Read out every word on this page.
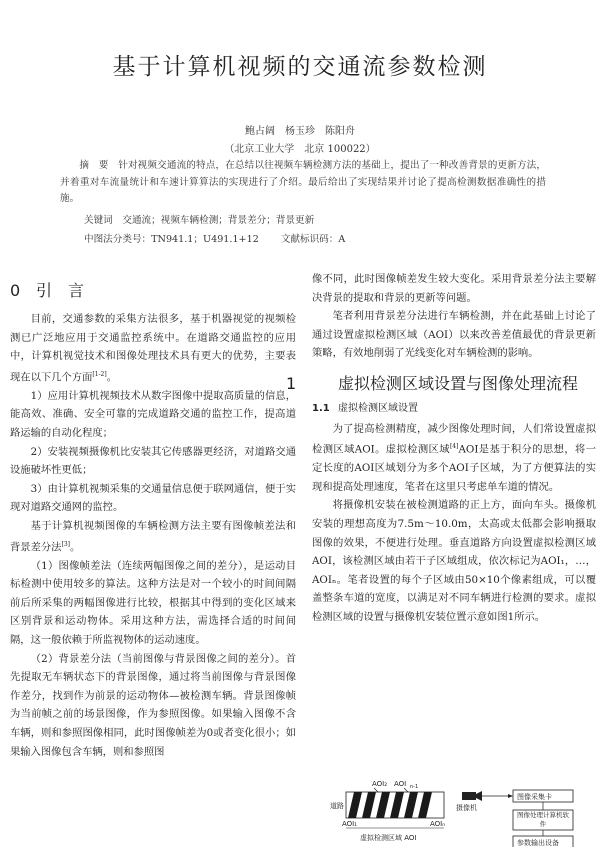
基于计算机视频的交通流参数检测
鲍占阔　杨玉珍　陈阳舟
（北京工业大学　北京 100022）
  摘　要  针对视频交通流的特点，在总结以往视频车辆检测方法的基础上，提出了一种改善背景的更新方法，并着重对车流量统计和车速计算算法的实现进行了介绍。最后给出了实现结果并讨论了提高检测数据准确性的措施。
关键词  交通流；视频车辆检测；背景差分；背景更新
中图法分类号：TN941.1；U491.1+12 文献标识码：A
0 引　言

目前，交通参数的采集方法很多，基于机器视觉的视频检测已广泛地应用于交通监控系统中。在道路交通监控的应用中，计算机视觉技术和图像处理技术具有更大的优势，主要表现在以下几个方面[1-2]。

1）应用计算机视频技术从数字图像中提取高质量的信息，能高效、准确、安全可靠的完成道路交通的监控工作，提高道路运输的自动化程度；

2）安装视频摄像机比安装其它传感器更经济，对道路交通设施破坏性更低；

3）由计算机视频采集的交通量信息便于联网通信，便于实现对道路交通网的监控。

基于计算机视频图像的车辆检测方法主要有图像帧差法和背景差分法[3]。

（1）图像帧差法（连续两幅图像之间的差分），是运动目标检测中使用较多的算法。这种方法是对一个较小的时间间隔前后所采集的两幅图像进行比较，根据其中得到的变化区域来区别背景和运动物体。采用这种方法，需选择合适的时间间隔，这一般依赖于所监视物体的运动速度。

（2）背景差分法（当前图像与背景图像之间的差分）。首先提取无车辆状态下的背景图像，通过将当前图像与背景图像作差分，找到作为前景的运动物体—被检测车辆。背景图像帧为当前帧之前的场景图像，作为参照图像。如果输入图像不含车辆，则和参照图像相同，此时图像帧差为0或者变化很小；如果输入图像包含车辆，则和参照图

像不同，此时图像帧差发生较大变化。采用背景差分法主要解决背景的提取和背景的更新等问题。

笔者利用背景差分法进行车辆检测，并在此基础上讨论了通过设置虚拟检测区域（AOI）以来改善差值最优的背景更新策略，有效地削弱了光线变化对车辆检测的影响。

1	虚拟检测区域设置与图像处理流程
1.1 虚拟检测区域设置

为了提高检测精度，减少图像处理时间，人们常设置虚拟检测区域AOI。虚拟检测区域[4]AOI是基于积分的思想，将一定长度的AOI区域划分为多个AOI子区域，为了方便算法的实现和提高处理速度，笔者在这里只考虑单车道的情况。

将摄像机安装在被检测道路的正上方，面向车头。摄像机安装的理想高度为7.5m～10.0m，太高或太低都会影响摄取图像的效果，不便进行处理。垂直道路方向设置虚拟检测区域AOI，该检测区域由若干子区域组成，依次标记为AOI₁，…，AOIₙ。笔者设置的每个子区域由50×10个像素组成，可以覆盖整条车道的宽度，以满足对不同车辆进行检测的要求。虚拟检测区域的设置与摄像机安装位置示意如图1所示。

AOI₂ AOI n-1
道路
AOI₁	AOIₙ
虚拟检测区域 AOI
摄像机
图像采集卡
图像处理计算机软件
参数输出设备
